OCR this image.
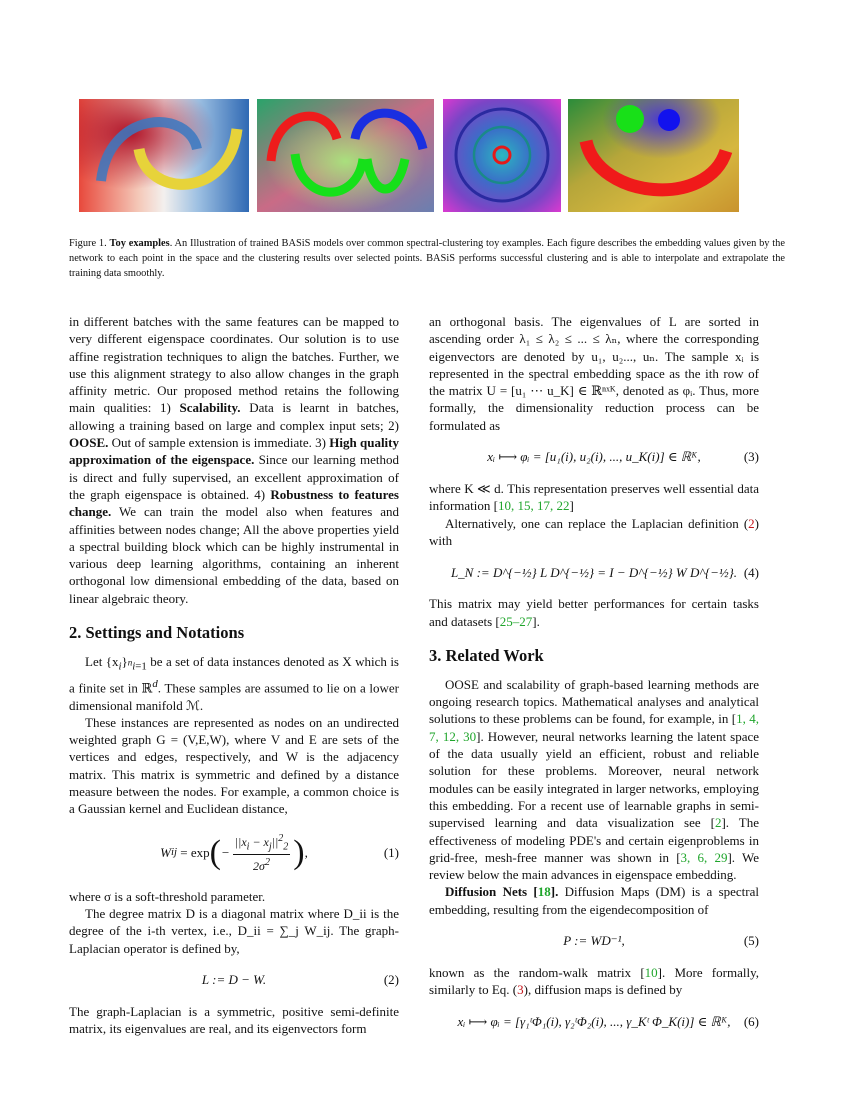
Figure 1. Toy examples. An Illustration of trained BASiS models over common spectral-clustering toy examples. Each figure describes the embedding values given by the network to each point in the space and the clustering results over selected points. BASiS performs successful clustering and is able to interpolate and extrapolate the training data smoothly.

in different batches with the same features can be mapped to very different eigenspace coordinates. Our solution is to use affine registration techniques to align the batches. Further, we use this alignment strategy to also allow changes in the graph affinity metric. Our proposed method retains the following main qualities: 1) Scalability. Data is learnt in batches, allowing a training based on large and complex input sets; 2) OOSE. Out of sample extension is immediate. 3) High quality approximation of the eigenspace. Since our learning method is direct and fully supervised, an excellent approximation of the graph eigenspace is obtained. 4) Robustness to features change. We can train the model also when features and affinities between nodes change; All the above properties yield a spectral building block which can be highly instrumental in various deep learning algorithms, containing an inherent orthogonal low dimensional embedding of the data, based on linear algebraic theory.

2. Settings and Notations

Let $\{x_i\}_{^ni=1}$ be a set of data instances denoted as X which is a finite set in ℝ$^d$. These samples are assumed to lie on a lower dimensional manifold ℳ.

These instances are represented as nodes on an undirected weighted graph G = (V,E,W), where V and E are sets of the vertices and edges, respectively, and W is the adjacency matrix. This matrix is symmetric and defined by a distance measure between the nodes. For example, a common choice is a Gaussian kernel and Euclidean distance,

W ij
= exp ( − $\frac{||x_i - x_j||^2_2}{2\sigma^2}$ ) ,	(1)

where σ is a soft-threshold parameter.

The degree matrix D is a diagonal matrix where D_ii is the degree of the i-th vertex, i.e., D_ii = ∑_j W_ij. The graph-Laplacian operator is defined by,

L := D − W.	(2)

The graph-Laplacian is a symmetric, positive semi-definite matrix, its eigenvalues are real, and its eigenvectors form

an orthogonal basis. The eigenvalues of L are sorted in ascending order λ₁ ≤ λ₂ ≤ ... ≤ λₙ, where the corresponding eigenvectors are denoted by u₁, u₂..., uₙ. The sample xᵢ is represented in the spectral embedding space as the ith row of the matrix U = [u₁ ⋯ u_K] ∈ ℝⁿˣᴷ, denoted as φᵢ. Thus, more formally, the dimensionality reduction process can be formulated as

xᵢ ⟼ φᵢ = [u₁(i), u₂(i), ..., u_K(i)] ∈ ℝᴷ,	(3)

where K ≪ d. This representation preserves well essential data information [10, 15, 17, 22]

Alternatively, one can replace the Laplacian definition (2) with

L_N := D^{−½} L D^{−½} = I − D^{−½} W D^{−½}. (4)

This matrix may yield better performances for certain tasks and datasets [25–27].

3. Related Work

OOSE and scalability of graph-based learning methods are ongoing research topics. Mathematical analyses and analytical solutions to these problems can be found, for example, in [1, 4, 7, 12, 30]. However, neural networks learning the latent space of the data usually yield an efficient, robust and reliable solution for these problems. Moreover, neural network modules can be easily integrated in larger networks, employing this embedding. For a recent use of learnable graphs in semi-supervised learning and data visualization see [2]. The effectiveness of modeling PDE's and certain eigenproblems in grid-free, mesh-free manner was shown in [3, 6, 29]. We review below the main advances in eigenspace embedding.

Diffusion Nets [18]. Diffusion Maps (DM) is a spectral embedding, resulting from the eigendecomposition of

P := WD⁻¹,	(5)

known as the random-walk matrix [10]. More formally, similarly to Eq. (3), diffusion maps is defined by

xᵢ ⟼ φᵢ = [γ₁ᵗΦ₁(i), γ₂ᵗΦ₂(i), ..., γ_Kᵗ Φ_K(i)] ∈ ℝᴷ, (6)
